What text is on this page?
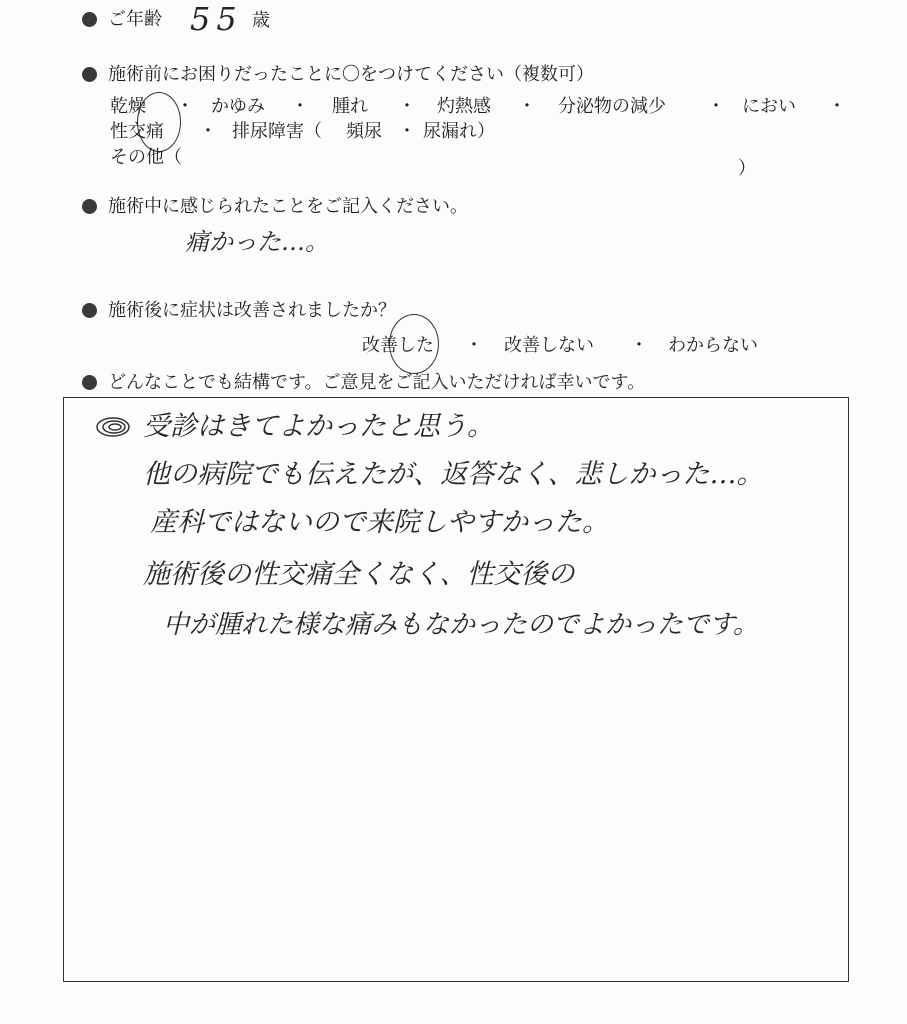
ご年齢 55 歳
施術前にお困りだったことに〇をつけてください（複数可）
乾燥 ・ かゆみ ・ 腫れ ・ 灼熱感 ・ 分泌物の減少 ・ におい ・
性交痛 ・ 排尿障害（ 頻尿 ・ 尿漏れ）
その他（
）
施術中に感じられたことをご記入ください。
痛かった…。
施術後に症状は改善されましたか？
改善した ・ 改善しない ・ わからない
どんなことでも結構です。ご意見をご記入いただければ幸いです。
受診はきてよかったと思う。
他の病院でも伝えたが、返答なく、悲しかった…。
産科ではないので来院しやすかった。
施術後の性交痛全くなく、性交後の
中が腫れた様な痛みもなかったのでよかったです。
